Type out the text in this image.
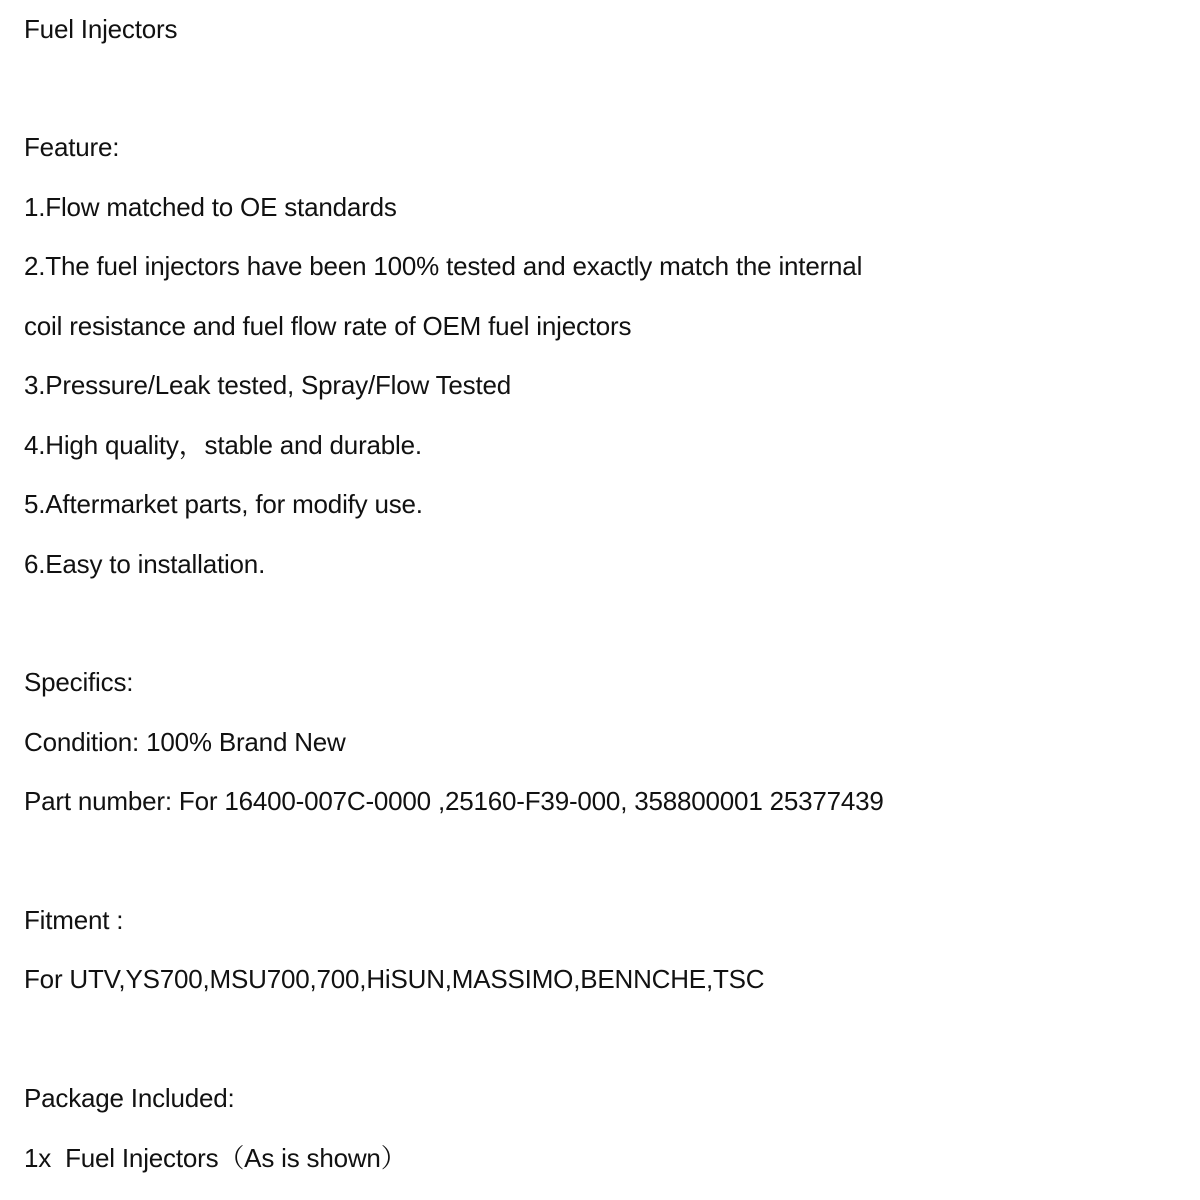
Fuel Injectors
Feature:
1.Flow matched to OE standards
2.The fuel injectors have been 100% tested and exactly match the internal
coil resistance and fuel flow rate of OEM fuel injectors
3.Pressure/Leak tested, Spray/Flow Tested
4.High quality，stable and durable.
5.Aftermarket parts, for modify use.
6.Easy to installation.
Specifics:
Condition: 100% Brand New
Part number: For 16400-007C-0000 ,25160-F39-000, 358800001 25377439
Fitment :
For UTV,YS700,MSU700,700,HiSUN,MASSIMO,BENNCHE,TSC
Package Included:
1x  Fuel Injectors（As is shown）
